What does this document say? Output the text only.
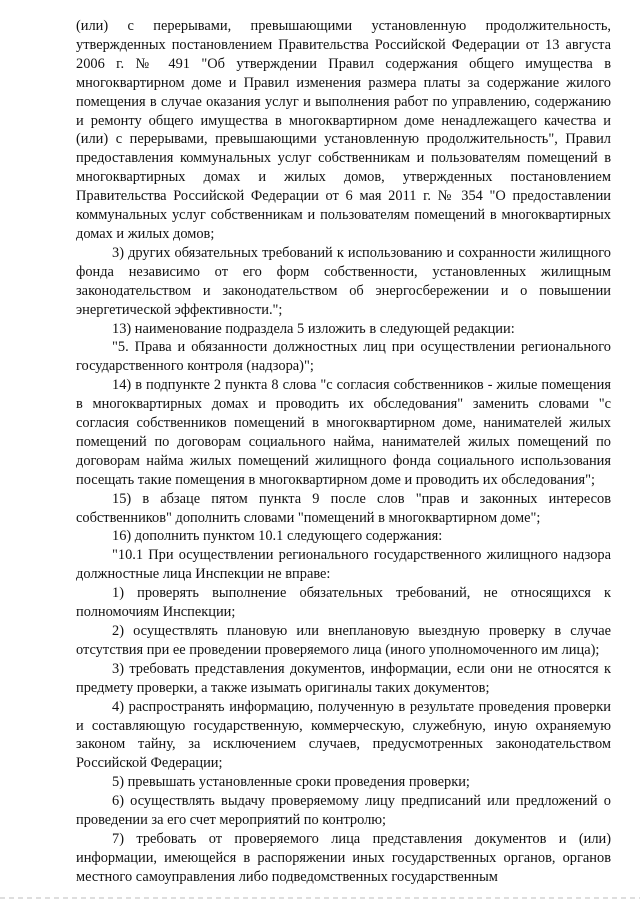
(или) с перерывами, превышающими установленную продолжительность, утвержденных постановлением Правительства Российской Федерации от 13 августа 2006 г. № 491 "Об утверждении Правил содержания общего имущества в многоквартирном доме и Правил изменения размера платы за содержание жилого помещения в случае оказания услуг и выполнения работ по управлению, содержанию и ремонту общего имущества в многоквартирном доме ненадлежащего качества и (или) с перерывами, превышающими установленную продолжительность", Правил предоставления коммунальных услуг собственникам и пользователям помещений в многоквартирных домах и жилых домов, утвержденных постановлением Правительства Российской Федерации от 6 мая 2011 г. № 354 "О предоставлении коммунальных услуг собственникам и пользователям помещений в многоквартирных домах и жилых домов;

3) других обязательных требований к использованию и сохранности жилищного фонда независимо от его форм собственности, установленных жилищным законодательством и законодательством об энергосбережении и о повышении энергетической эффективности.";

13) наименование подраздела 5 изложить в следующей редакции:

"5. Права и обязанности должностных лиц при осуществлении регионального государственного контроля (надзора)";

14) в подпункте 2 пункта 8 слова "с согласия собственников - жилые помещения в многоквартирных домах и проводить их обследования" заменить словами "с согласия собственников помещений в многоквартирном доме, нанимателей жилых помещений по договорам социального найма, нанимателей жилых помещений по договорам найма жилых помещений жилищного фонда социального использования посещать такие помещения в многоквартирном доме и проводить их обследования";

15) в абзаце пятом пункта 9 после слов "прав и законных интересов собственников" дополнить словами "помещений в многоквартирном доме";

16) дополнить пунктом 10.1 следующего содержания:

"10.1 При осуществлении регионального государственного жилищного надзора должностные лица Инспекции не вправе:

1) проверять выполнение обязательных требований, не относящихся к полномочиям Инспекции;

2) осуществлять плановую или внеплановую выездную проверку в случае отсутствия при ее проведении проверяемого лица (иного уполномоченного им лица);

3) требовать представления документов, информации, если они не относятся к предмету проверки, а также изымать оригиналы таких документов;

4) распространять информацию, полученную в результате проведения проверки и составляющую государственную, коммерческую, служебную, иную охраняемую законом тайну, за исключением случаев, предусмотренных законодательством Российской Федерации;

5) превышать установленные сроки проведения проверки;

6) осуществлять выдачу проверяемому лицу предписаний или предложений о проведении за его счет мероприятий по контролю;

7) требовать от проверяемого лица представления документов и (или) информации, имеющейся в распоряжении иных государственных органов, органов местного самоуправления либо подведомственных государственным
